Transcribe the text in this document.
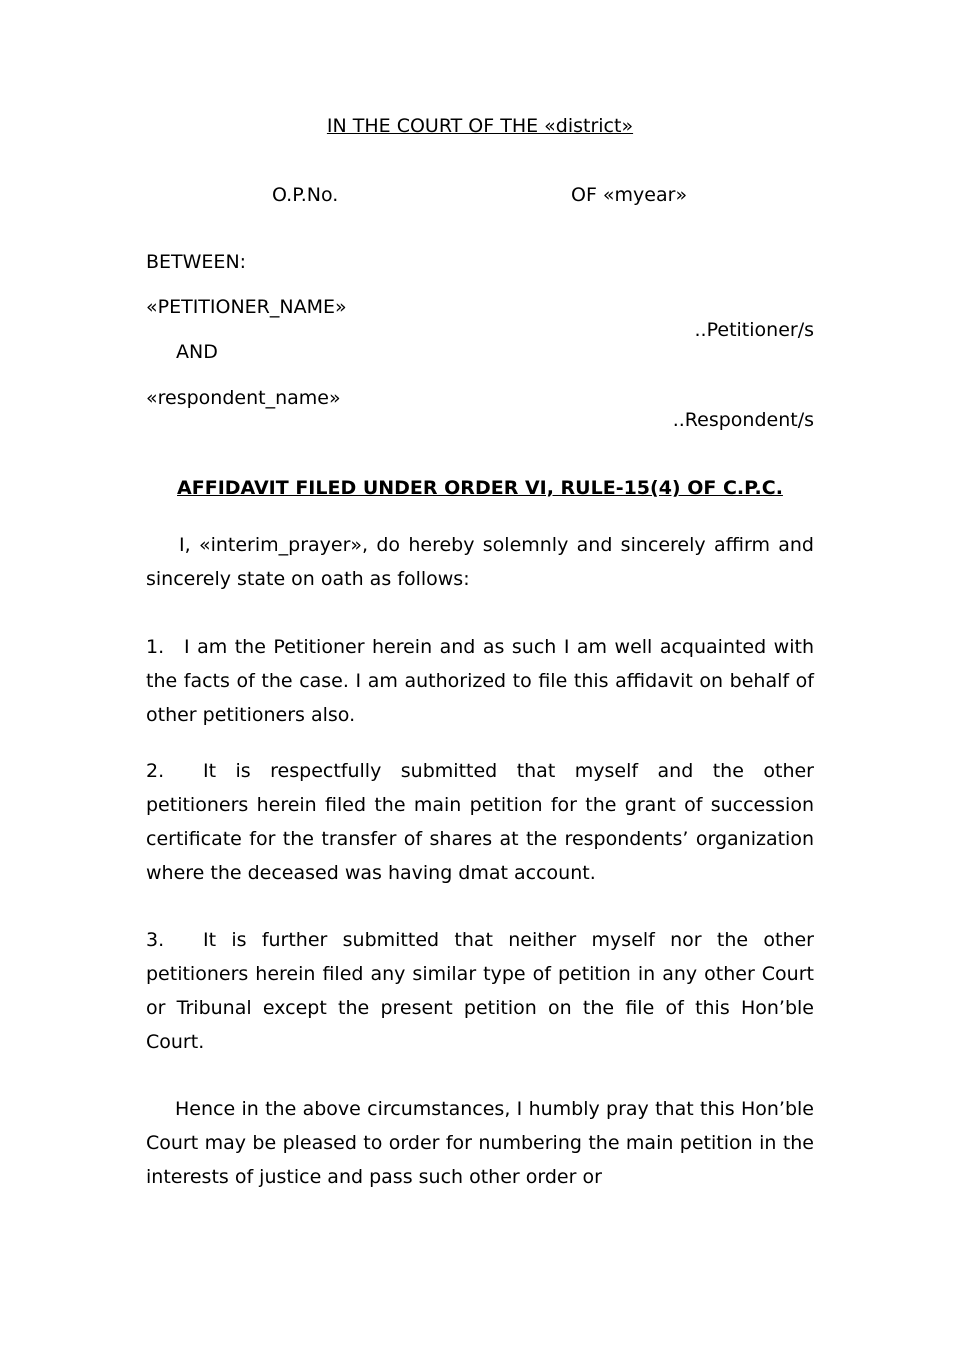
IN THE COURT OF THE «district»
O.P.No.	OF «myear»
BETWEEN:
«PETITIONER_NAME»
..Petitioner/s
AND
«respondent_name»
..Respondent/s
AFFIDAVIT FILED UNDER ORDER VI, RULE-15(4) OF C.P.C.
I, «interim_prayer», do hereby solemnly and sincerely affirm and sincerely state on oath as follows:
1. I am the Petitioner herein and as such I am well acquainted with the facts of the case. I am authorized to file this affidavit on behalf of other petitioners also.
2. It is respectfully submitted that myself and the other petitioners herein filed the main petition for the grant of succession certificate for the transfer of shares at the respondents’ organization where the deceased was having dmat account.
3. It is further submitted that neither myself nor the other petitioners herein filed any similar type of petition in any other Court or Tribunal except the present petition on the file of this Hon’ble Court.
Hence in the above circumstances, I humbly pray that this Hon’ble Court may be pleased to order for numbering the main petition in the interests of justice and pass such other order or
